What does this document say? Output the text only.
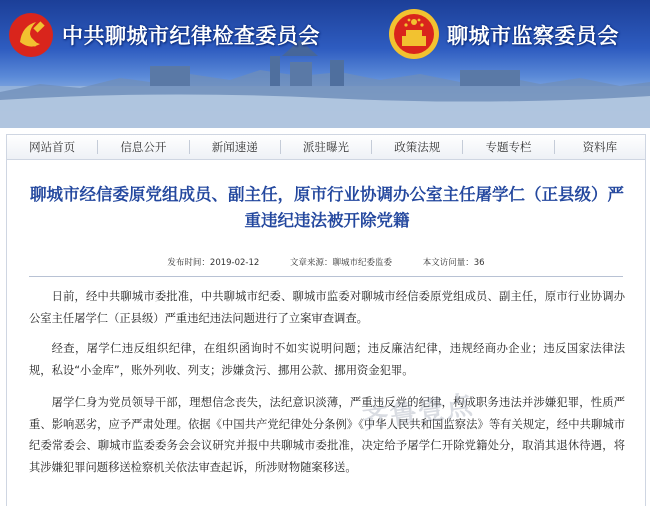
中共聊城市纪律检查委员会	聊城市监察委员会
网站首页	信息公开	新闻速递	派驻曝光	政策法规	专题专栏	资料库
聊城市经信委原党组成员、副主任，原市行业协调办公室主任屠学仁（正县级）严重违纪违法被开除党籍
发布时间：2019-02-12	文章来源：聊城市纪委监委	本文访问量：36
日前，经中共聊城市委批准，中共聊城市纪委、聊城市监委对聊城市经信委原党组成员、副主任，原市行业协调办公室主任屠学仁（正县级）严重违纪违法问题进行了立案审查调查。
经查，屠学仁违反组织纪律，在组织函询时不如实说明问题；违反廉洁纪律，违规经商办企业；违反国家法律法规，私设“小金库”，账外列收、列支；涉嫌贪污、挪用公款、挪用资金犯罪。
屠学仁身为党员领导干部，理想信念丧失，法纪意识淡薄，严重违反党的纪律，构成职务违法并涉嫌犯罪，性质严重、影响恶劣，应予严肃处理。依据《中国共产党纪律处分条例》《中华人民共和国监察法》等有关规定，经中共聊城市纪委常委会、聊城市监委委务会会议研究并报中共聊城市委批准，决定给予屠学仁开除党籍处分，取消其退休待遇，将其涉嫌犯罪问题移送检察机关依法审查起诉，所涉财物随案移送。
齐鲁壹点
